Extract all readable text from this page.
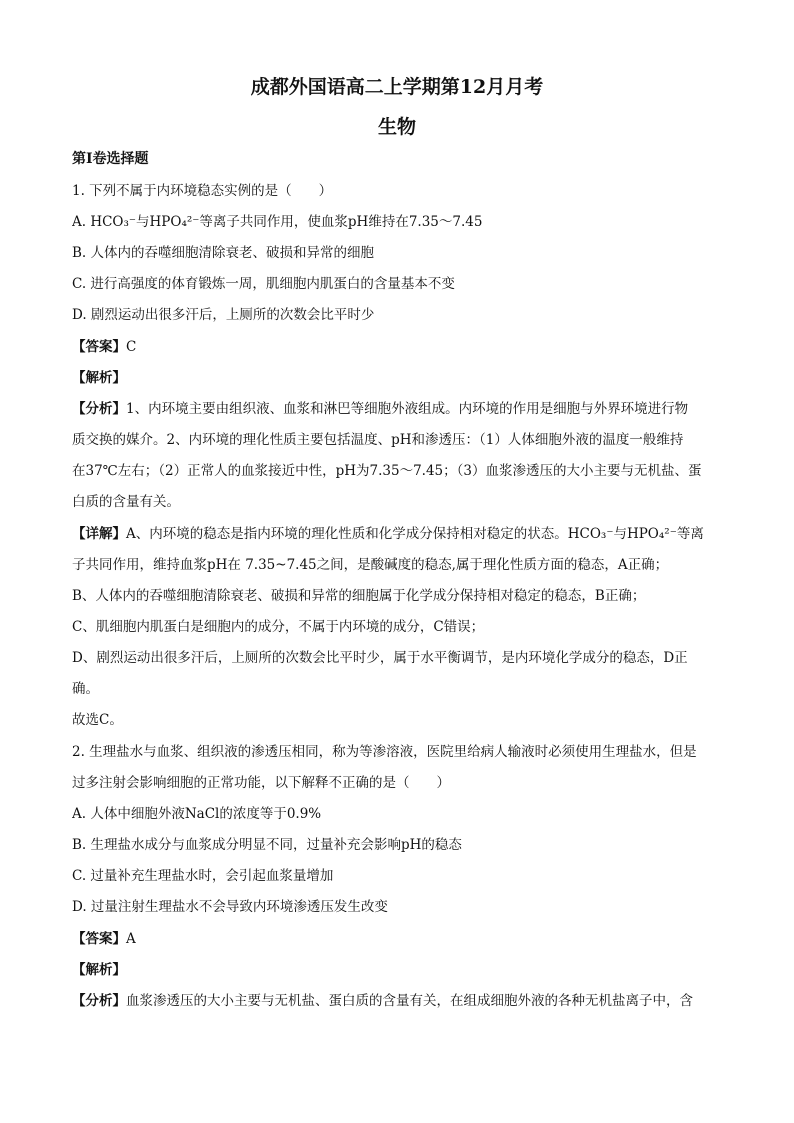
成都外国语高二上学期第12月月考
生物
第Ⅰ卷选择题
1. 下列不属于内环境稳态实例的是（　　）
A. HCO₃⁻与HPO₄²⁻等离子共同作用，使血浆pH维持在7.35～7.45
B. 人体内的吞噬细胞清除衰老、破损和异常的细胞
C. 进行高强度的体育锻炼一周，肌细胞内肌蛋白的含量基本不变
D. 剧烈运动出很多汗后，上厕所的次数会比平时少
【答案】C
【解析】
【分析】1、内环境主要由组织液、血浆和淋巴等细胞外液组成。内环境的作用是细胞与外界环境进行物
质交换的媒介。2、内环境的理化性质主要包括温度、pH和渗透压：（1）人体细胞外液的温度一般维持
在37℃左右；（2）正常人的血浆接近中性，pH为7.35～7.45；（3）血浆渗透压的大小主要与无机盐、蛋
白质的含量有关。
【详解】A、内环境的稳态是指内环境的理化性质和化学成分保持相对稳定的状态。HCO₃⁻与HPO₄²⁻等离
子共同作用，维持血浆pH在 7.35~7.45之间，是酸碱度的稳态,属于理化性质方面的稳态，A正确；
B、人体内的吞噬细胞清除衰老、破损和异常的细胞属于化学成分保持相对稳定的稳态，B正确；
C、肌细胞内肌蛋白是细胞内的成分，不属于内环境的成分，C错误；
D、剧烈运动出很多汗后，上厕所的次数会比平时少，属于水平衡调节，是内环境化学成分的稳态，D正
确。
故选C。
2. 生理盐水与血浆、组织液的渗透压相同，称为等渗溶液，医院里给病人输液时必须使用生理盐水，但是
过多注射会影响细胞的正常功能，以下解释不正确的是（　　）
A. 人体中细胞外液NaCl的浓度等于0.9%
B. 生理盐水成分与血浆成分明显不同，过量补充会影响pH的稳态
C. 过量补充生理盐水时，会引起血浆量增加
D. 过量注射生理盐水不会导致内环境渗透压发生改变
【答案】A
【解析】
【分析】血浆渗透压的大小主要与无机盐、蛋白质的含量有关，在组成细胞外液的各种无机盐离子中，含
